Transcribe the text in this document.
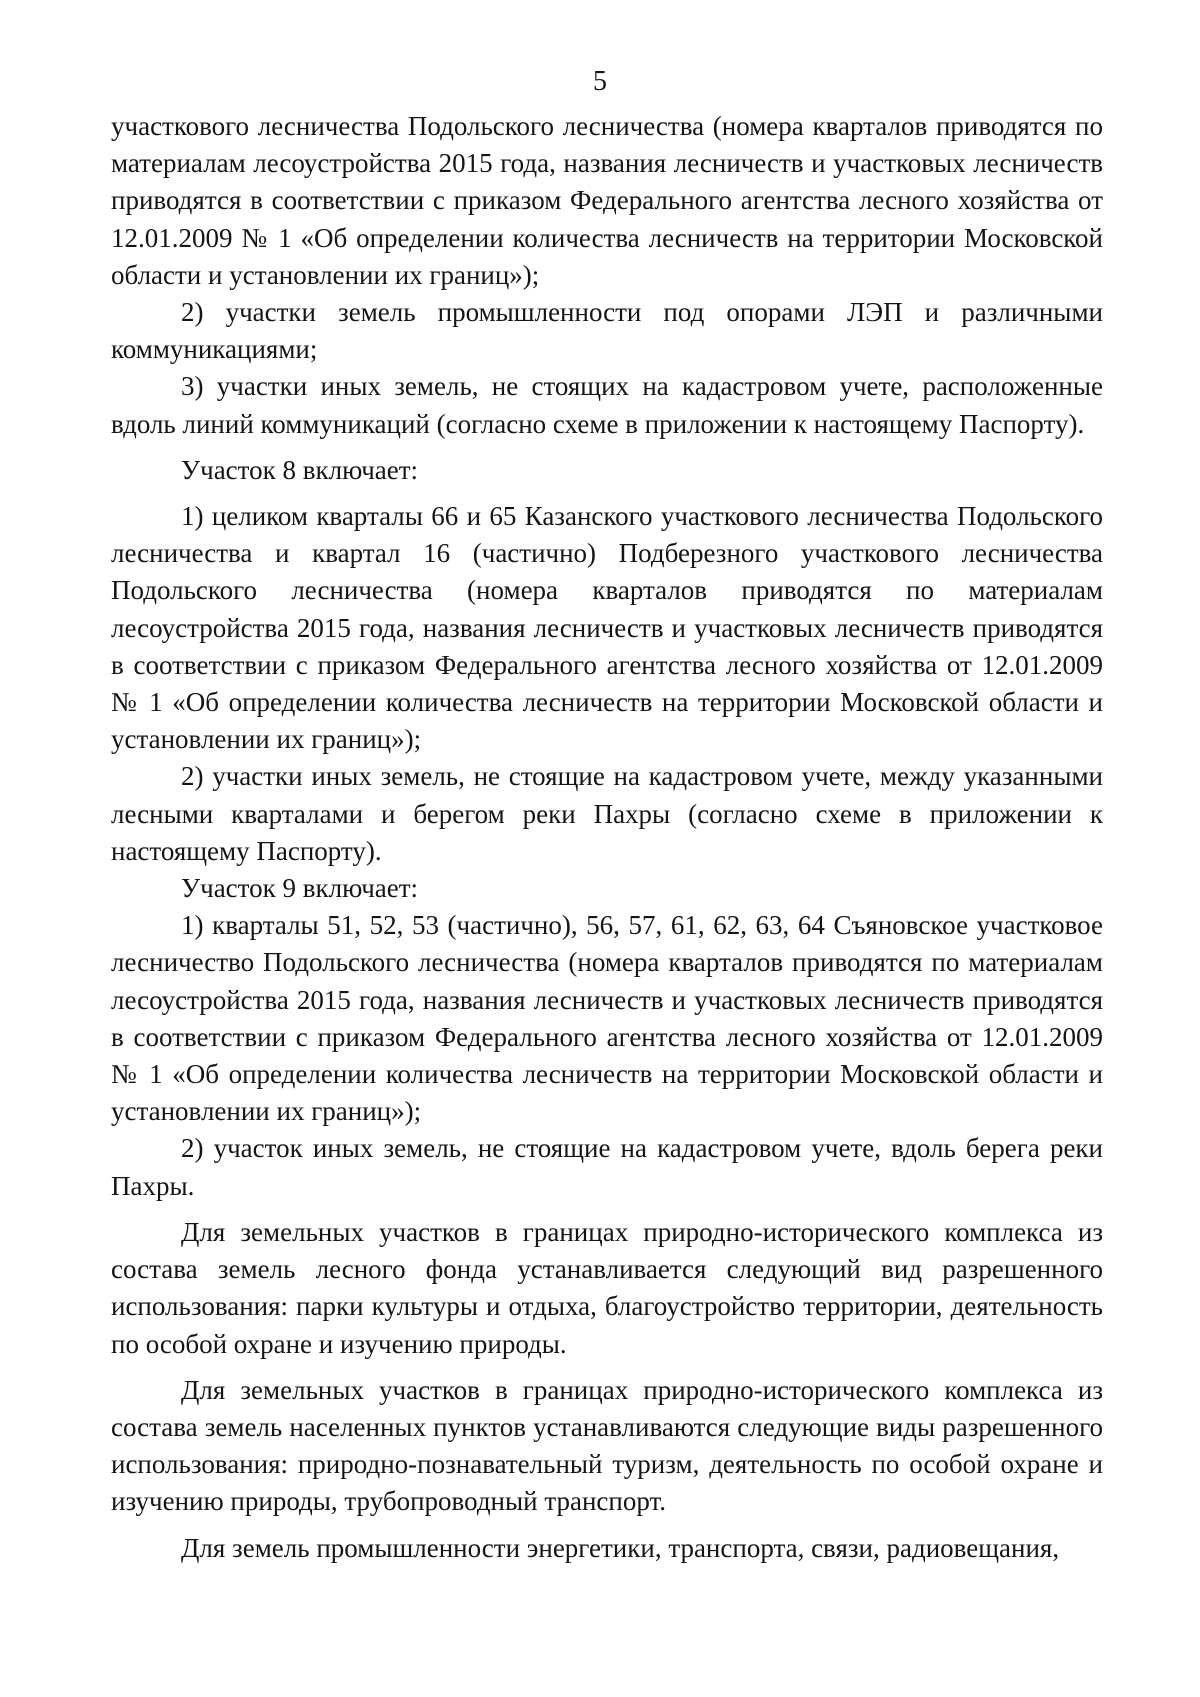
5

участкового лесничества Подольского лесничества (номера кварталов приводятся по материалам лесоустройства 2015 года, названия лесничеств и участковых лесничеств приводятся в соответствии с приказом Федерального агентства лесного хозяйства от 12.01.2009 № 1 «Об определении количества лесничеств на территории Московской области и установлении их границ»);

2) участки земель промышленности под опорами ЛЭП и различными коммуникациями;

3) участки иных земель, не стоящих на кадастровом учете, расположенные вдоль линий коммуникаций (согласно схеме в приложении к настоящему Паспорту).

Участок 8 включает:

1) целиком кварталы 66 и 65 Казанского участкового лесничества Подольского лесничества и квартал 16 (частично) Подберезного участкового лесничества Подольского лесничества (номера кварталов приводятся по материалам лесоустройства 2015 года, названия лесничеств и участковых лесничеств приводятся в соответствии с приказом Федерального агентства лесного хозяйства от 12.01.2009 № 1 «Об определении количества лесничеств на территории Московской области и установлении их границ»);

2) участки иных земель, не стоящие на кадастровом учете, между указанными лесными кварталами и берегом реки Пахры (согласно схеме в приложении к настоящему Паспорту).

Участок 9 включает:

1) кварталы 51, 52, 53 (частично), 56, 57, 61, 62, 63, 64 Съяновское участковое лесничество Подольского лесничества (номера кварталов приводятся по материалам лесоустройства 2015 года, названия лесничеств и участковых лесничеств приводятся в соответствии с приказом Федерального агентства лесного хозяйства от 12.01.2009 № 1 «Об определении количества лесничеств на территории Московской области и установлении их границ»);

2) участок иных земель, не стоящие на кадастровом учете, вдоль берега реки Пахры.

Для земельных участков в границах природно-исторического комплекса из состава земель лесного фонда устанавливается следующий вид разрешенного использования: парки культуры и отдыха, благоустройство территории, деятельность по особой охране и изучению природы.

Для земельных участков в границах природно-исторического комплекса из состава земель населенных пунктов устанавливаются следующие виды разрешенного использования: природно-познавательный туризм, деятельность по особой охране и изучению природы, трубопроводный транспорт.

Для земель промышленности энергетики, транспорта, связи, радиовещания,
